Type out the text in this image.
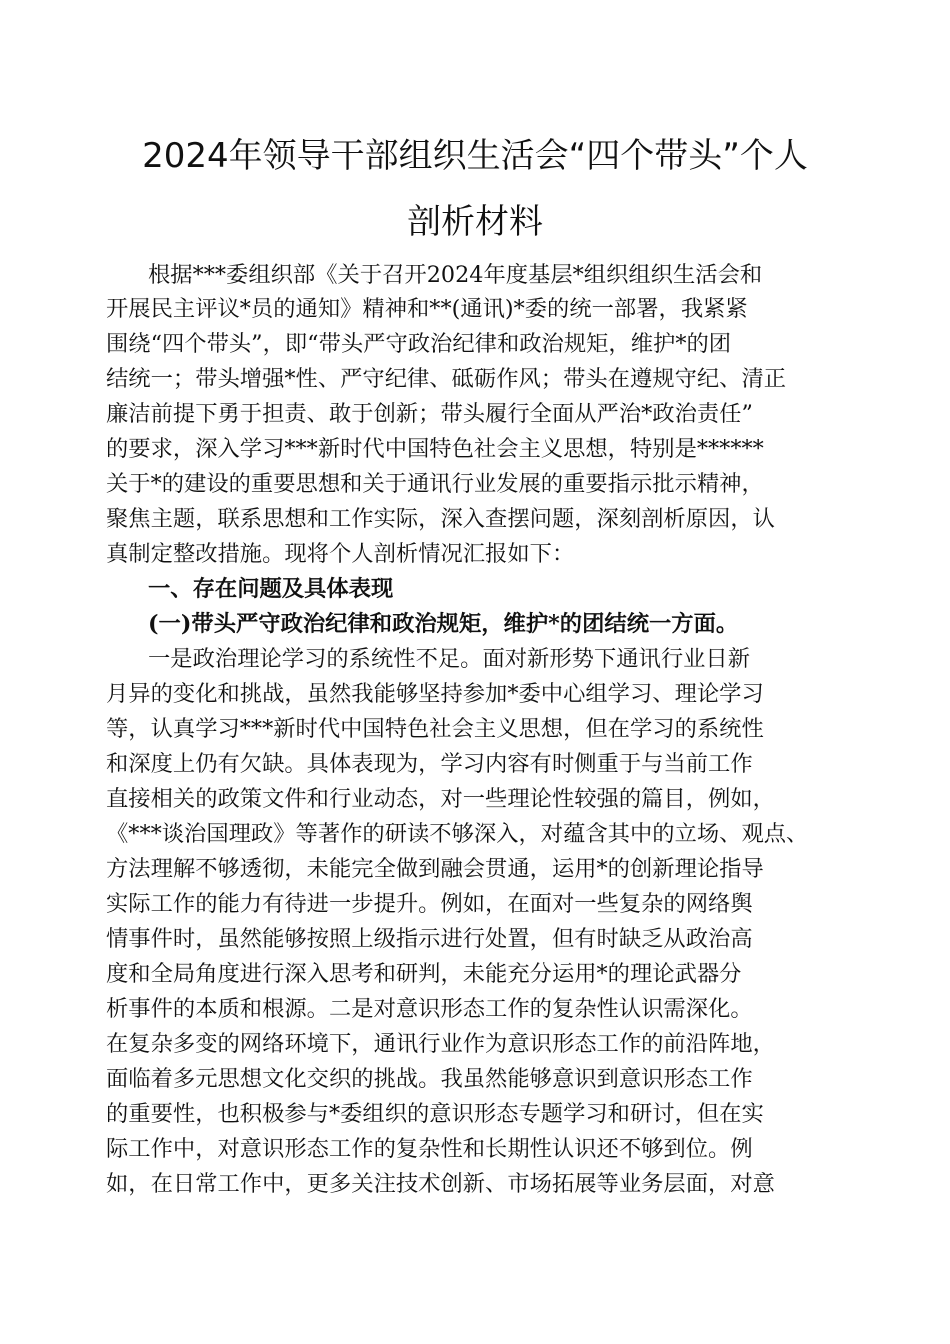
2024年领导干部组织生活会“四个带头”个人
剖析材料
根据***委组织部《关于召开2024年度基层*组织组织生活会和
开展民主评议*员的通知》精神和**(通讯)*委的统一部署，我紧紧
围绕“四个带头”，即“带头严守政治纪律和政治规矩，维护*的团
结统一；带头增强*性、严守纪律、砥砺作风；带头在遵规守纪、清正
廉洁前提下勇于担责、敢于创新；带头履行全面从严治*政治责任”
的要求，深入学习***新时代中国特色社会主义思想，特别是******
关于*的建设的重要思想和关于通讯行业发展的重要指示批示精神，
聚焦主题，联系思想和工作实际，深入查摆问题，深刻剖析原因，认
真制定整改措施。现将个人剖析情况汇报如下：
一、存在问题及具体表现
(一)带头严守政治纪律和政治规矩，维护*的团结统一方面。
一是政治理论学习的系统性不足。面对新形势下通讯行业日新
月异的变化和挑战，虽然我能够坚持参加*委中心组学习、理论学习
等，认真学习***新时代中国特色社会主义思想，但在学习的系统性
和深度上仍有欠缺。具体表现为，学习内容有时侧重于与当前工作
直接相关的政策文件和行业动态，对一些理论性较强的篇目，例如，
《***谈治国理政》等著作的研读不够深入，对蕴含其中的立场、观点、
方法理解不够透彻，未能完全做到融会贯通，运用*的创新理论指导
实际工作的能力有待进一步提升。例如，在面对一些复杂的网络舆
情事件时，虽然能够按照上级指示进行处置，但有时缺乏从政治高
度和全局角度进行深入思考和研判，未能充分运用*的理论武器分
析事件的本质和根源。二是对意识形态工作的复杂性认识需深化。
在复杂多变的网络环境下，通讯行业作为意识形态工作的前沿阵地，
面临着多元思想文化交织的挑战。我虽然能够意识到意识形态工作
的重要性，也积极参与*委组织的意识形态专题学习和研讨，但在实
际工作中，对意识形态工作的复杂性和长期性认识还不够到位。例
如，在日常工作中，更多关注技术创新、市场拓展等业务层面，对意
